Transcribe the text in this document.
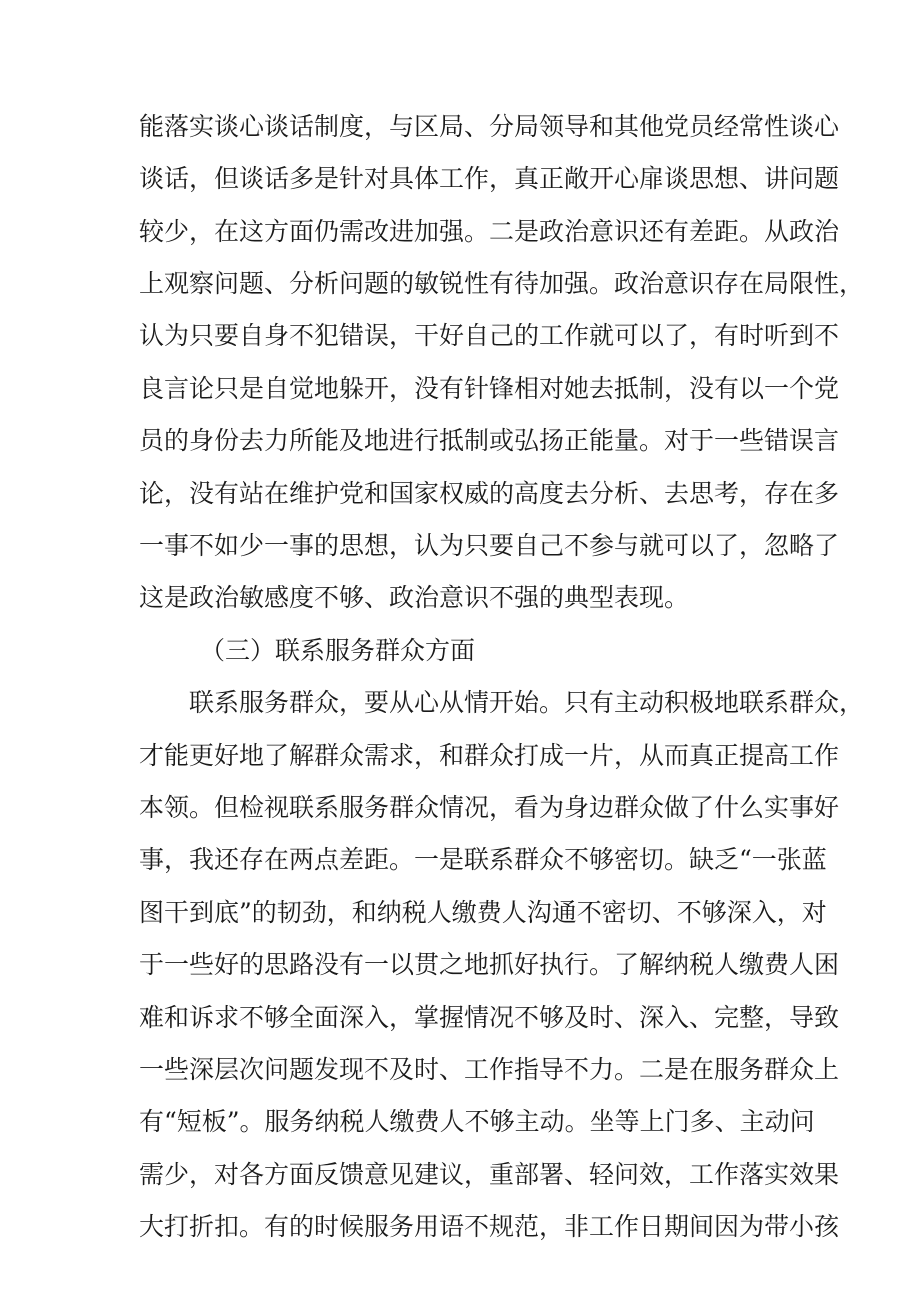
能落实谈心谈话制度，与区局、分局领导和其他党员经常性谈心
谈话，但谈话多是针对具体工作，真正敞开心扉谈思想、讲问题
较少，在这方面仍需改进加强。二是政治意识还有差距。从政治
上观察问题、分析问题的敏锐性有待加强。政治意识存在局限性，
认为只要自身不犯错误，干好自己的工作就可以了，有时听到不
良言论只是自觉地躲开，没有针锋相对她去抵制，没有以一个党
员的身份去力所能及地进行抵制或弘扬正能量。对于一些错误言
论，没有站在维护党和国家权威的高度去分析、去思考，存在多
一事不如少一事的思想，认为只要自己不参与就可以了，忽略了
这是政治敏感度不够、政治意识不强的典型表现。
（三）联系服务群众方面
联系服务群众，要从心从情开始。只有主动积极地联系群众，
才能更好地了解群众需求，和群众打成一片，从而真正提高工作
本领。但检视联系服务群众情况，看为身边群众做了什么实事好
事，我还存在两点差距。一是联系群众不够密切。缺乏“一张蓝
图干到底”的韧劲，和纳税人缴费人沟通不密切、不够深入，对
于一些好的思路没有一以贯之地抓好执行。了解纳税人缴费人困
难和诉求不够全面深入，掌握情况不够及时、深入、完整，导致
一些深层次问题发现不及时、工作指导不力。二是在服务群众上
有“短板”。服务纳税人缴费人不够主动。坐等上门多、主动问
需少，对各方面反馈意见建议，重部署、轻问效，工作落实效果
大打折扣。有的时候服务用语不规范，非工作日期间因为带小孩
